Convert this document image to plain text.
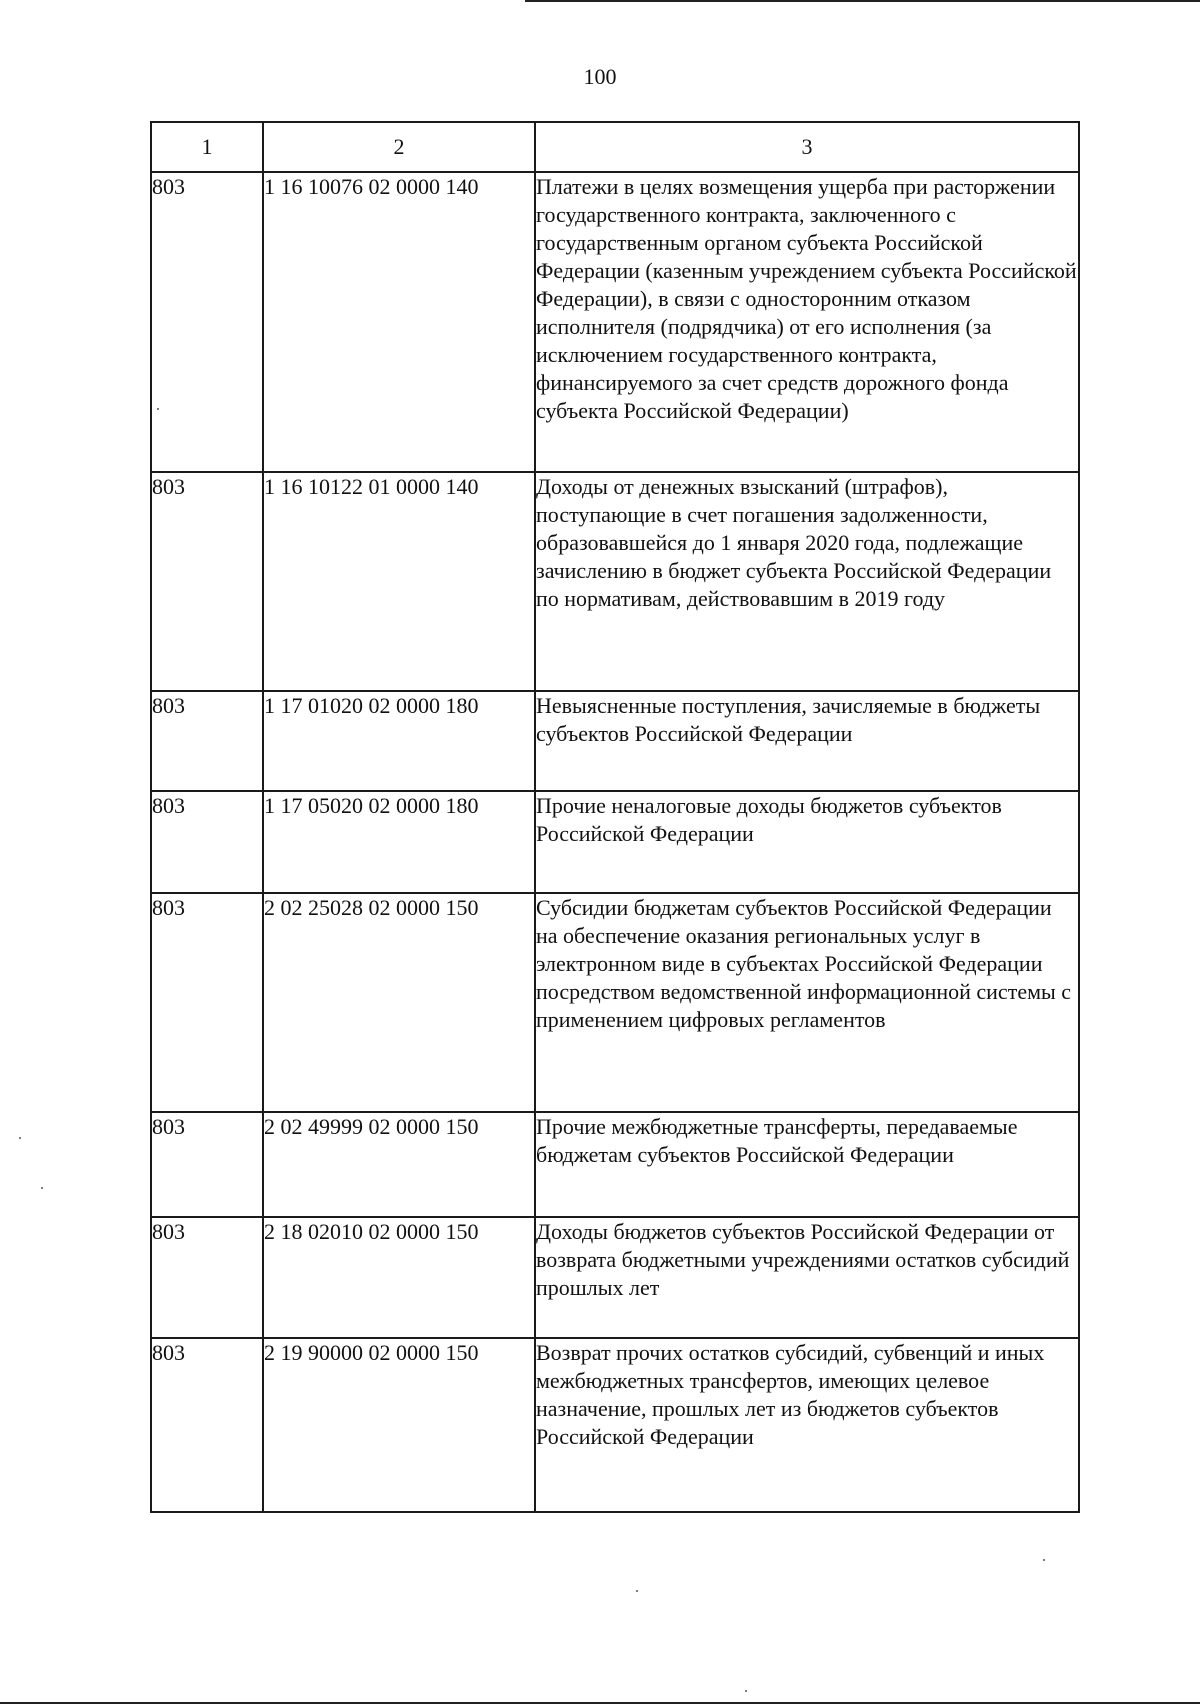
100
1	2	3
803	1 16 10076 02 0000 140	Платежи в целях возмещения ущерба при расторжении государственного контракта, заключенного с государственным органом субъекта Российской Федерации (казенным учреждением субъекта Российской Федерации), в связи с односторонним отказом исполнителя (подрядчика) от его исполнения (за исключением государственного контракта, финансируемого за счет средств дорожного фонда субъекта Российской Федерации)
803	1 16 10122 01 0000 140	Доходы от денежных взысканий (штрафов), поступающие в счет погашения задолженности, образовавшейся до 1 января 2020 года, подлежащие зачислению в бюджет субъекта Российской Федерации по нормативам, действовавшим в 2019 году
803	1 17 01020 02 0000 180	Невыясненные поступления, зачисляемые в бюджеты субъектов Российской Федерации
803	1 17 05020 02 0000 180	Прочие неналоговые доходы бюджетов субъектов Российской Федерации
803	2 02 25028 02 0000 150	Субсидии бюджетам субъектов Российской Федерации на обеспечение оказания региональных услуг в электронном виде в субъектах Российской Федерации посредством ведомственной информационной системы с применением цифровых регламентов
803	2 02 49999 02 0000 150	Прочие межбюджетные трансферты, передаваемые бюджетам субъектов Российской Федерации
803	2 18 02010 02 0000 150	Доходы бюджетов субъектов Российской Федерации от возврата бюджетными учреждениями остатков субсидий прошлых лет
803	2 19 90000 02 0000 150	Возврат прочих остатков субсидий, субвенций и иных межбюджетных трансфертов, имеющих целевое назначение, прошлых лет из бюджетов субъектов Российской Федерации
